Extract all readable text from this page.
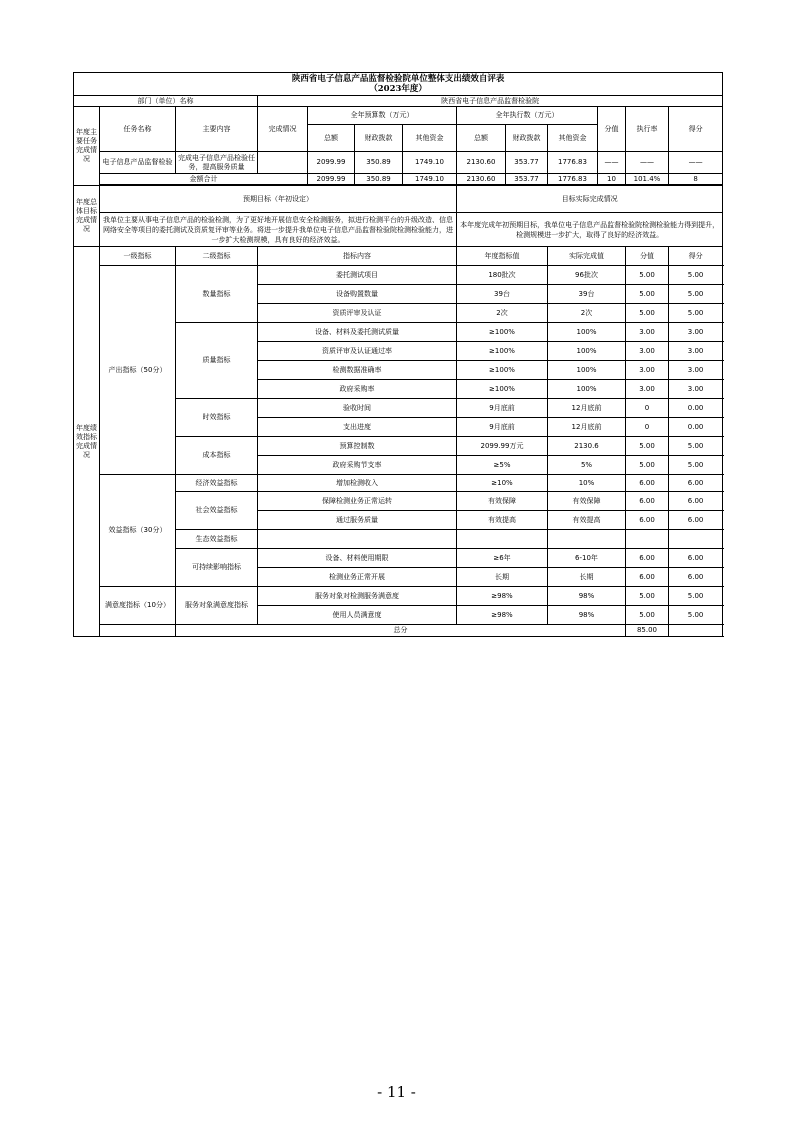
陕西省电子信息产品监督检验院单位整体支出绩效自评表
（2023年度）												

部门（单位）名称			陕西省电子信息产品监督检验院									
年度主要任务完成情况	任务名称	主要内容	完成情况	全年预算数（万元）			全年执行数（万元）			分值	执行率	得分
				总额	财政拨款	其他资金	总额	财政拨款	其他资金			
	电子信息产品监督检验	完成电子信息产品检验任务，提高服务质量		2099.99	350.89	1749.10	2130.60	353.77	1776.83	——	——	——
	金额合计			2099.99	350.89	1749.10	2130.60	353.77	1776.83	10	101.4%	8

年度总体目标完成情况	预期目标（年初设定）						目标实际完成情况					
	我单位主要从事电子信息产品的检验检测，为了更好地开展信息安全检测服务，拟进行检测平台的升级改造、信息网络安全等项目的委托测试及资质复评审等业务。将进一步提升我单位电子信息产品监督检验院检测检验能力，进一步扩大检测规模，具有良好的经济效益。						本年度完成年初预期目标，我单位电子信息产品监督检验院检测检验能力得到提升，检测规模进一步扩大，取得了良好的经济效益。					
年度绩效指标完成情况	一级指标	二级指标	指标内容				年度指标值		实际完成值		分值	得分
	产出指标（50分）	数量指标	委托测试项目				180批次		96批次		5.00	5.00
			设备购置数量				39台		39台		5.00	5.00
			资质评审及认证				2次		2次		5.00	5.00
		质量指标	设备、材料及委托测试质量				≥100%		100%		3.00	3.00
			资质评审及认证通过率				≥100%		100%		3.00	3.00
			检测数据准确率				≥100%		100%		3.00	3.00
			政府采购率				≥100%		100%		3.00	3.00
		时效指标	验收时间				9月底前		12月底前		0	0.00
			支出进度				9月底前		12月底前		0	0.00
		成本指标	预算控制数				2099.99万元		2130.6		5.00	5.00
			政府采购节支率				≥5%		5%		5.00	5.00
	效益指标（30分）	经济效益指标	增加检测收入				≥10%		10%		6.00	6.00
		社会效益指标	保障检测业务正常运转				有效保障		有效保障		6.00	6.00
			通过服务质量				有效提高		有效提高		6.00	6.00
		生态效益指标										
		可持续影响指标	设备、材料使用期限				≥6年		6-10年		6.00	6.00
			检测业务正常开展				长期		长期		6.00	6.00
	满意度指标（10分）	服务对象满意度指标	服务对象对检测服务满意度				≥98%		98%		5.00	5.00
			使用人员满意度				≥98%		98%		5.00	5.00
		总分									85.00	
- 11 -
